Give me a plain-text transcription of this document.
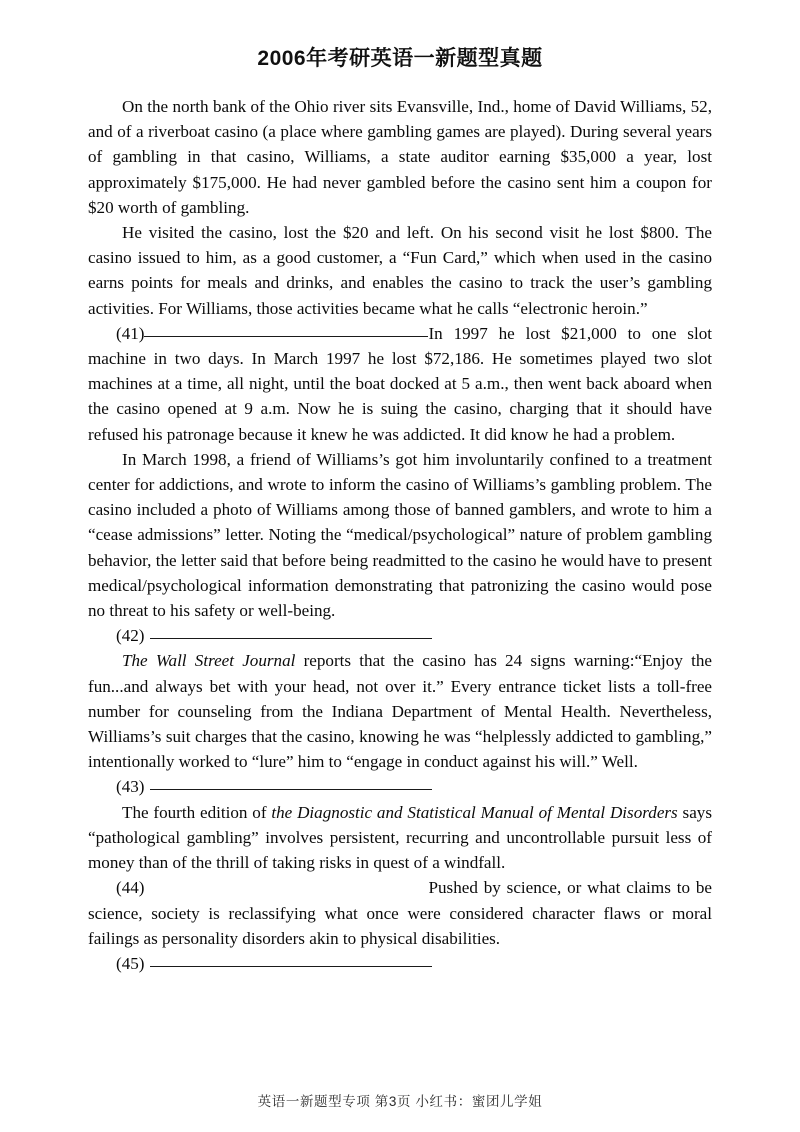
2006年考研英语一新题型真题

On the north bank of the Ohio river sits Evansville, Ind., home of David Williams, 52, and of a riverboat casino (a place where gambling games are played). During several years of gambling in that casino, Williams, a state auditor earning $35,000 a year, lost approximately $175,000. He had never gambled before the casino sent him a coupon for $20 worth of gambling.

He visited the casino, lost the $20 and left. On his second visit he lost $800. The casino issued to him, as a good customer, a “Fun Card,” which when used in the casino earns points for meals and drinks, and enables the casino to track the user’s gambling activities. For Williams, those activities became what he calls “electronic heroin.”

(41)	In 1997 he lost $21,000 to one slot machine in two days. In March 1997 he lost $72,186. He sometimes played two slot machines at a time, all night, until the boat docked at 5 a.m., then went back aboard when the casino opened at 9 a.m. Now he is suing the casino, charging that it should have refused his patronage because it knew he was addicted. It did know he had a problem.

In March 1998, a friend of Williams’s got him involuntarily confined to a treatment center for addictions, and wrote to inform the casino of Williams’s gambling problem. The casino included a photo of Williams among those of banned gamblers, and wrote to him a “cease admissions” letter. Noting the “medical/psychological” nature of problem gambling behavior, the letter said that before being readmitted to the casino he would have to present medical/psychological information demonstrating that patronizing the casino would pose no threat to his safety or well-being.

(42)

The Wall Street Journal reports that the casino has 24 signs warning:“Enjoy the fun...and always bet with your head, not over it.” Every entrance ticket lists a toll-free number for counseling from the Indiana Department of Mental Health. Nevertheless, Williams’s suit charges that the casino, knowing he was “helplessly addicted to gambling,” intentionally worked to “lure” him to “engage in conduct against his will.” Well.

(43)

The fourth edition of the Diagnostic and Statistical Manual of Mental Disorders says “pathological gambling” involves persistent, recurring and uncontrollable pursuit less of money than of the thrill of taking risks in quest of a windfall.

(44)	Pushed by science, or what claims to be science, society is reclassifying what once were considered character flaws or moral failings as personality disorders akin to physical disabilities.

(45)
英语一新题型专项 第3页 小红书：蜜团儿学姐
